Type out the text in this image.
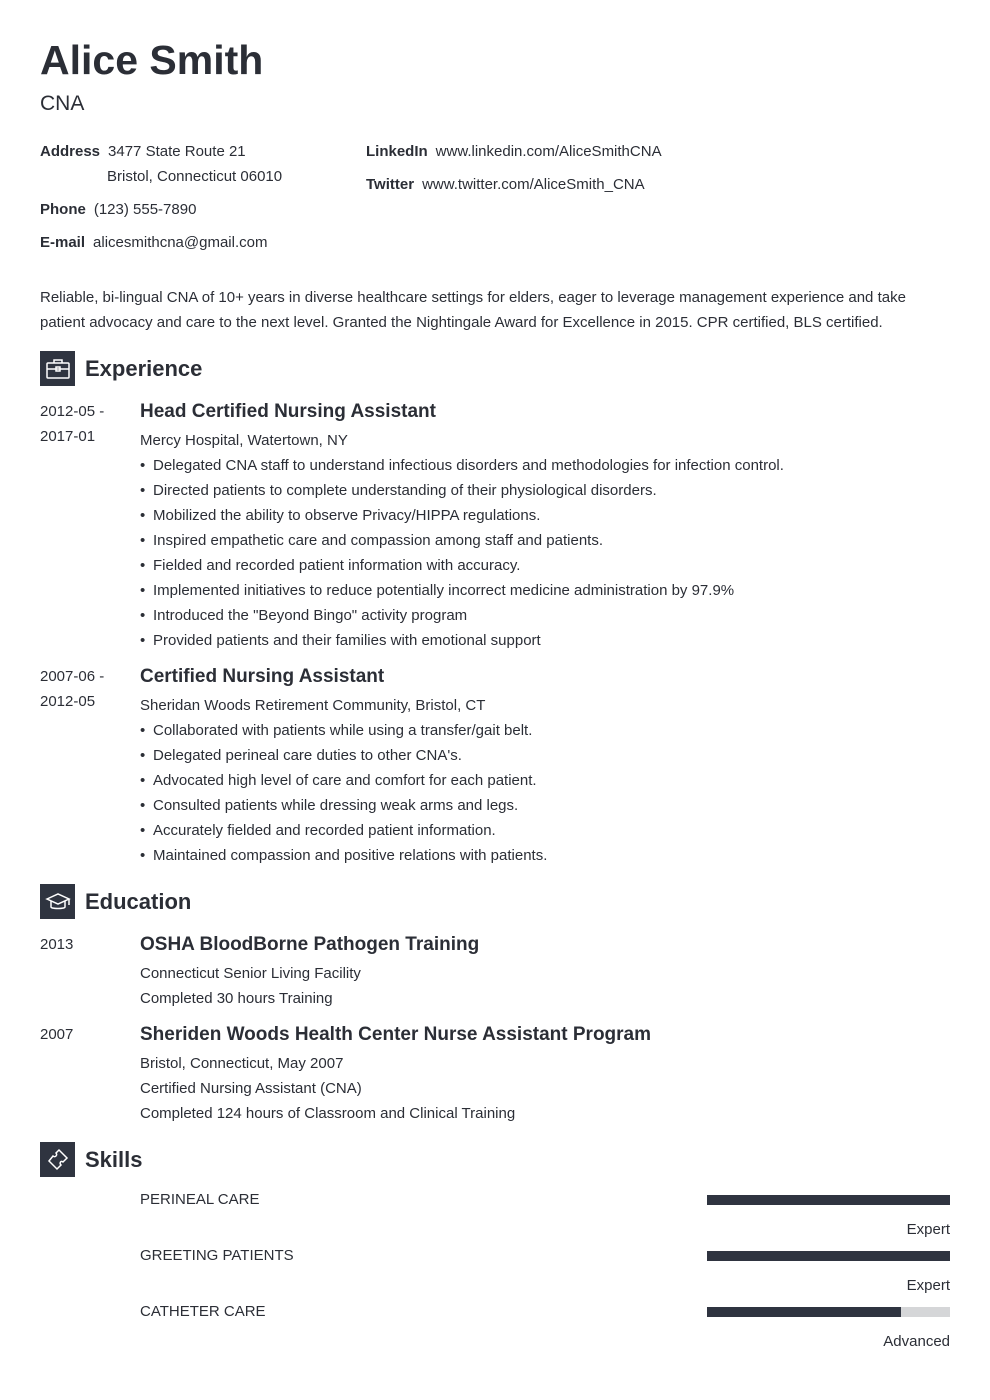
Alice Smith
CNA
Address 3477 State Route 21
Bristol, Connecticut 06010
Phone (123) 555-7890
E-mail alicesmithcna@gmail.com
LinkedIn www.linkedin.com/AliceSmithCNA
Twitter www.twitter.com/AliceSmith_CNA
Reliable, bi-lingual CNA of 10+ years in diverse healthcare settings for elders, eager to leverage management experience and take patient advocacy and care to the next level. Granted the Nightingale Award for Excellence in 2015. CPR certified, BLS certified.
Experience
2012-05 -
2017-01
Head Certified Nursing Assistant
Mercy Hospital, Watertown, NY
• Delegated CNA staff to understand infectious disorders and methodologies for infection control.
• Directed patients to complete understanding of their physiological disorders.
• Mobilized the ability to observe Privacy/HIPPA regulations.
• Inspired empathetic care and compassion among staff and patients.
• Fielded and recorded patient information with accuracy.
• Implemented initiatives to reduce potentially incorrect medicine administration by 97.9%
• Introduced the "Beyond Bingo" activity program
• Provided patients and their families with emotional support
2007-06 -
2012-05
Certified Nursing Assistant
Sheridan Woods Retirement Community, Bristol, CT
• Collaborated with patients while using a transfer/gait belt.
• Delegated perineal care duties to other CNA's.
• Advocated high level of care and comfort for each patient.
• Consulted patients while dressing weak arms and legs.
• Accurately fielded and recorded patient information.
• Maintained compassion and positive relations with patients.
Education
2013	OSHA BloodBorne Pathogen Training
Connecticut Senior Living Facility
Completed 30 hours Training
2007	Sheriden Woods Health Center Nurse Assistant Program
Bristol, Connecticut, May 2007
Certified Nursing Assistant (CNA)
Completed 124 hours of Classroom and Clinical Training
Skills
PERINEAL CARE
Expert
GREETING PATIENTS
Expert
CATHETER CARE
Advanced
